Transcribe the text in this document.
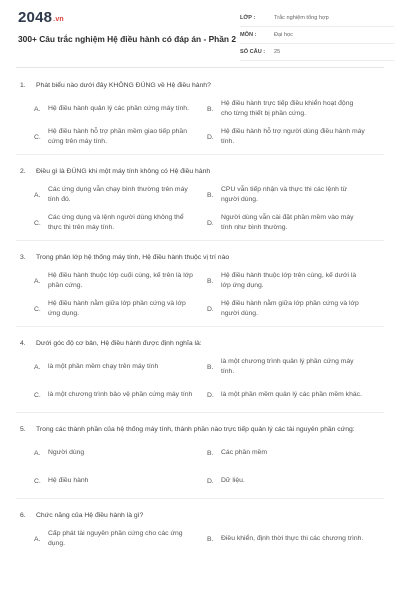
2048.vn
300+ Câu trắc nghiệm Hệ điều hành có đáp án - Phần 2
LỚP :	Trắc nghiệm tổng hợp
MÔN :	Đại học
SỐ CÂU :	25
1.	Phát biểu nào dưới đây KHÔNG ĐÚNG về Hệ điều hành?
A.	Hệ điều hành quản lý các phần cứng máy tính.	B.
Hệ điều hành trực tiếp điều khiển hoạt động cho từng thiết bị phần cứng.
C.
Hệ điều hành hỗ trợ phần mềm giao tiếp phần cứng trên máy tính.
D.
Hệ điều hành hỗ trợ người dùng điều hành máy tính.
2.	Điều gì là ĐÚNG khi một máy tính không có Hệ điều hành
A.
Các ứng dụng vẫn chạy bình thường trên máy tính đó.
B.
CPU vẫn tiếp nhận và thực thi các lệnh từ người dùng.
C.
Các ứng dụng và lệnh người dùng không thể thực thi trên máy tính.
D.
Người dùng vẫn cài đặt phần mềm vào máy tính như bình thường.
3.	Trong phân lớp hệ thống máy tính, Hệ điều hành thuộc vị trí nào
A.
Hệ điều hành thuộc lớp cuối cùng, kế trên là lớp phần cứng.
B.
Hệ điều hành thuộc lớp trên cùng, kế dưới là lớp ứng dụng.
C.
Hệ điều hành nằm giữa lớp phần cứng và lớp ứng dụng.
D.
Hệ điều hành nằm giữa lớp phần cứng và lớp người dùng.
4.	Dưới góc độ cơ bản, Hệ điều hành được định nghĩa là:
A.	là một phần mềm chạy trên máy tính	B.
là một chương trình quản lý phần cứng máy tính.
C.	là một chương trình bảo vệ phần cứng máy tính	D.	là một phần mềm quản lý các phần mềm khác.
5.	Trong các thành phần của hệ thống máy tính, thành phần nào trực tiếp quản lý các tài nguyên phần cứng:
A.	Người dùng	B.	Các phần mềm
C.	Hệ điều hành	D.	Dữ liệu.
6.	Chức năng của Hệ điều hành là gì?
A.
Cấp phát tài nguyên phần cứng cho các ứng dụng.
B.	Điều khiển, định thời thực thi các chương trình.
